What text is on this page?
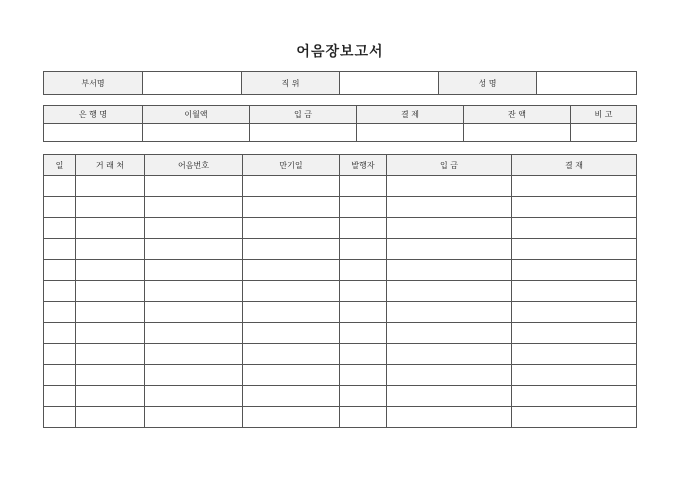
어음장보고서
부서명		직 위		성 명	
은 행 명	이월액	입 금	결 제	잔 액	비 고

일	거 래 처	어음번호	만기일	발행자	입 금	결 재
